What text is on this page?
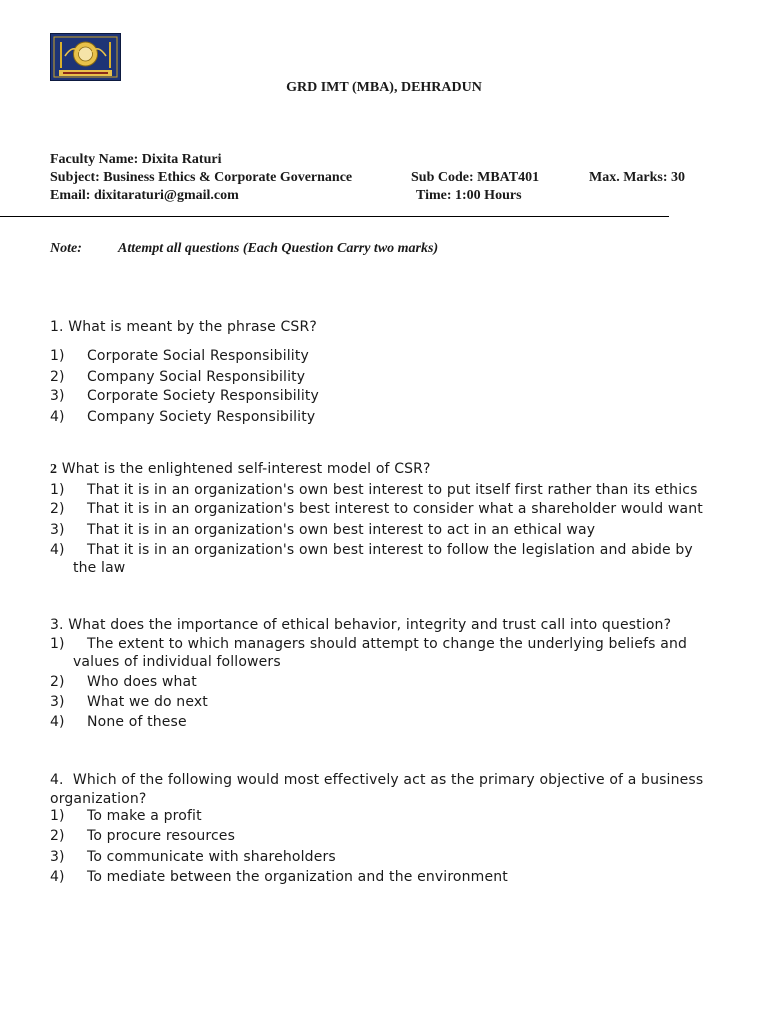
GRD IMT (MBA), DEHRADUN
Faculty Name: Dixita Raturi
Subject: Business Ethics & Corporate Governance	Sub Code: MBAT401	Max. Marks: 30
Email: dixitaraturi@gmail.com	Time: 1:00 Hours
Note:	Attempt all questions (Each Question Carry two marks)
1. What is meant by the phrase CSR?
1) Corporate Social Responsibility
2) Company Social Responsibility
3) Corporate Society Responsibility
4) Company Society Responsibility
2 What is the enlightened self-interest model of CSR?
1) That it is in an organization's own best interest to put itself first rather than its ethics
2) That it is in an organization's best interest to consider what a shareholder would want
3) That it is in an organization's own best interest to act in an ethical way
4) That it is in an organization's own best interest to follow the legislation and abide by
the law
3. What does the importance of ethical behavior, integrity and trust call into question?
1) The extent to which managers should attempt to change the underlying beliefs and
values of individual followers
2) Who does what
3) What we do next
4) None of these
4. Which of the following would most effectively act as the primary objective of a business
organization?
1) To make a profit
2) To procure resources
3) To communicate with shareholders
4) To mediate between the organization and the environment
